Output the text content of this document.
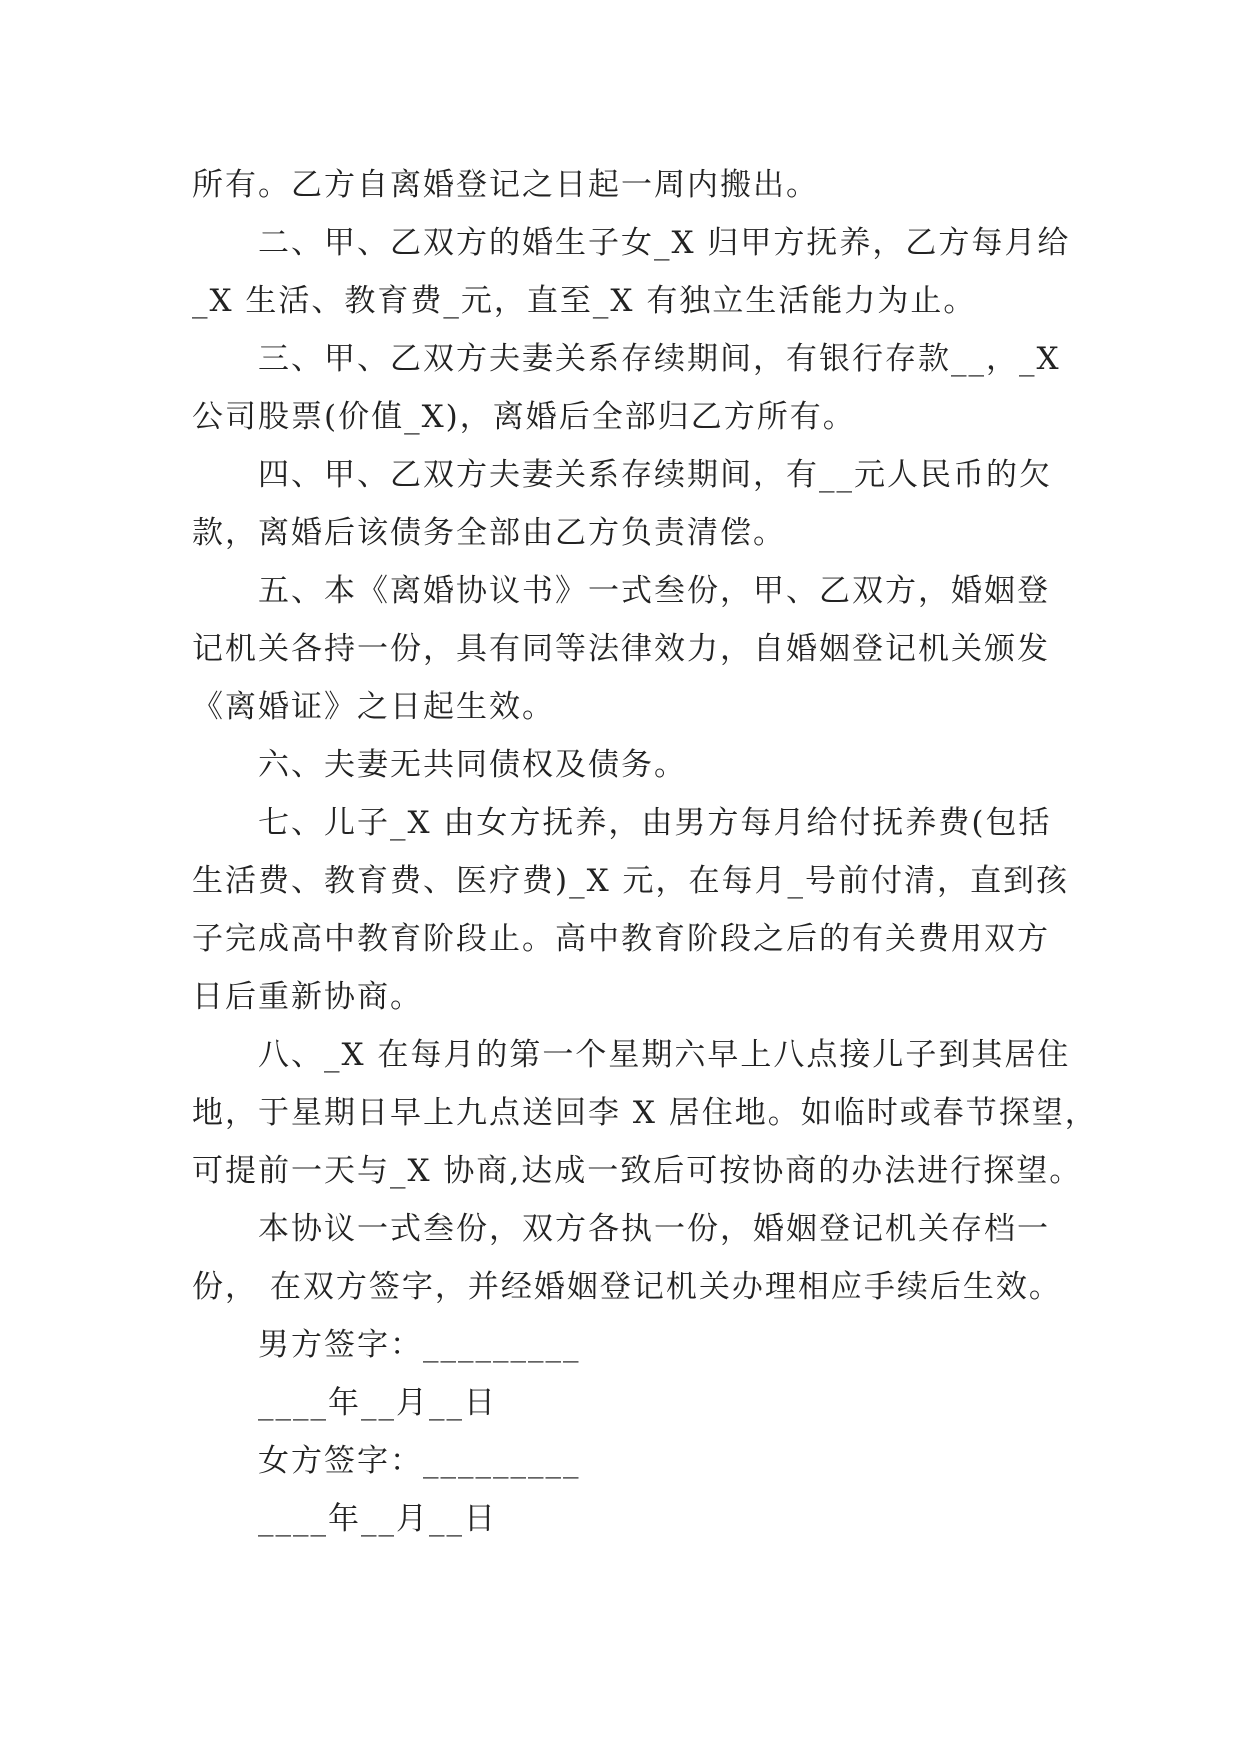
所有。乙方自离婚登记之日起一周内搬出。
二、甲、乙双方的婚生子女_X 归甲方抚养，乙方每月给
_X 生活、教育费_元，直至_X 有独立生活能力为止。
三、甲、乙双方夫妻关系存续期间，有银行存款__，_X
公司股票(价值_X)，离婚后全部归乙方所有。
四、甲、乙双方夫妻关系存续期间，有__元人民币的欠
款，离婚后该债务全部由乙方负责清偿。
五、本《离婚协议书》一式叁份，甲、乙双方，婚姻登
记机关各持一份，具有同等法律效力，自婚姻登记机关颁发
《离婚证》之日起生效。
六、夫妻无共同债权及债务。
七、儿子_X 由女方抚养，由男方每月给付抚养费(包括
生活费、教育费、医疗费)_X 元，在每月_号前付清，直到孩
子完成高中教育阶段止。高中教育阶段之后的有关费用双方
日后重新协商。
八、_X 在每月的第一个星期六早上八点接儿子到其居住
地，于星期日早上九点送回李 X 居住地。如临时或春节探望，
可提前一天与_X 协商,达成一致后可按协商的办法进行探望。
本协议一式叁份，双方各执一份，婚姻登记机关存档一
份， 在双方签字，并经婚姻登记机关办理相应手续后生效。
男方签字：_________
____年__月__日
女方签字：_________
____年__月__日
